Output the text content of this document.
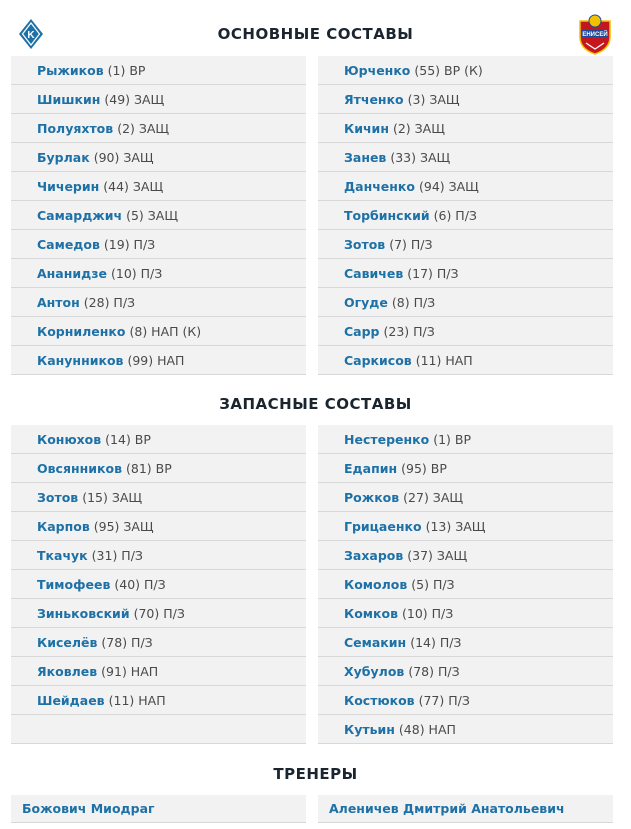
K	ОСНОВНЫЕ СОСТАВЫ	ЕНИСЕЙ
Рыжиков (1) ВР
Шишкин (49) ЗАЩ
Полуяхтов (2) ЗАЩ
Бурлак (90) ЗАЩ
Чичерин (44) ЗАЩ
Самарджич (5) ЗАЩ
Самедов (19) П/З
Ананидзе (10) П/З
Антон (28) П/З
Корниленко (8) НАП (К)
Канунников (99) НАП
Юрченко (55) ВР (К)
Ятченко (3) ЗАЩ
Кичин (2) ЗАЩ
Занев (33) ЗАЩ
Данченко (94) ЗАЩ
Торбинский (6) П/З
Зотов (7) П/З
Савичев (17) П/З
Огуде (8) П/З
Сарр (23) П/З
Саркисов (11) НАП
ЗАПАСНЫЕ СОСТАВЫ
Конюхов (14) ВР
Овсянников (81) ВР
Зотов (15) ЗАЩ
Карпов (95) ЗАЩ
Ткачук (31) П/З
Тимофеев (40) П/З
Зиньковский (70) П/З
Киселёв (78) П/З
Яковлев (91) НАП
Шейдаев (11) НАП
Нестеренко (1) ВР
Едапин (95) ВР
Рожков (27) ЗАЩ
Грицаенко (13) ЗАЩ
Захаров (37) ЗАЩ
Комолов (5) П/З
Комков (10) П/З
Семакин (14) П/З
Хубулов (78) П/З
Костюков (77) П/З
Кутьин (48) НАП
ТРЕНЕРЫ
Божович Миодраг	Аленичев Дмитрий Анатольевич
